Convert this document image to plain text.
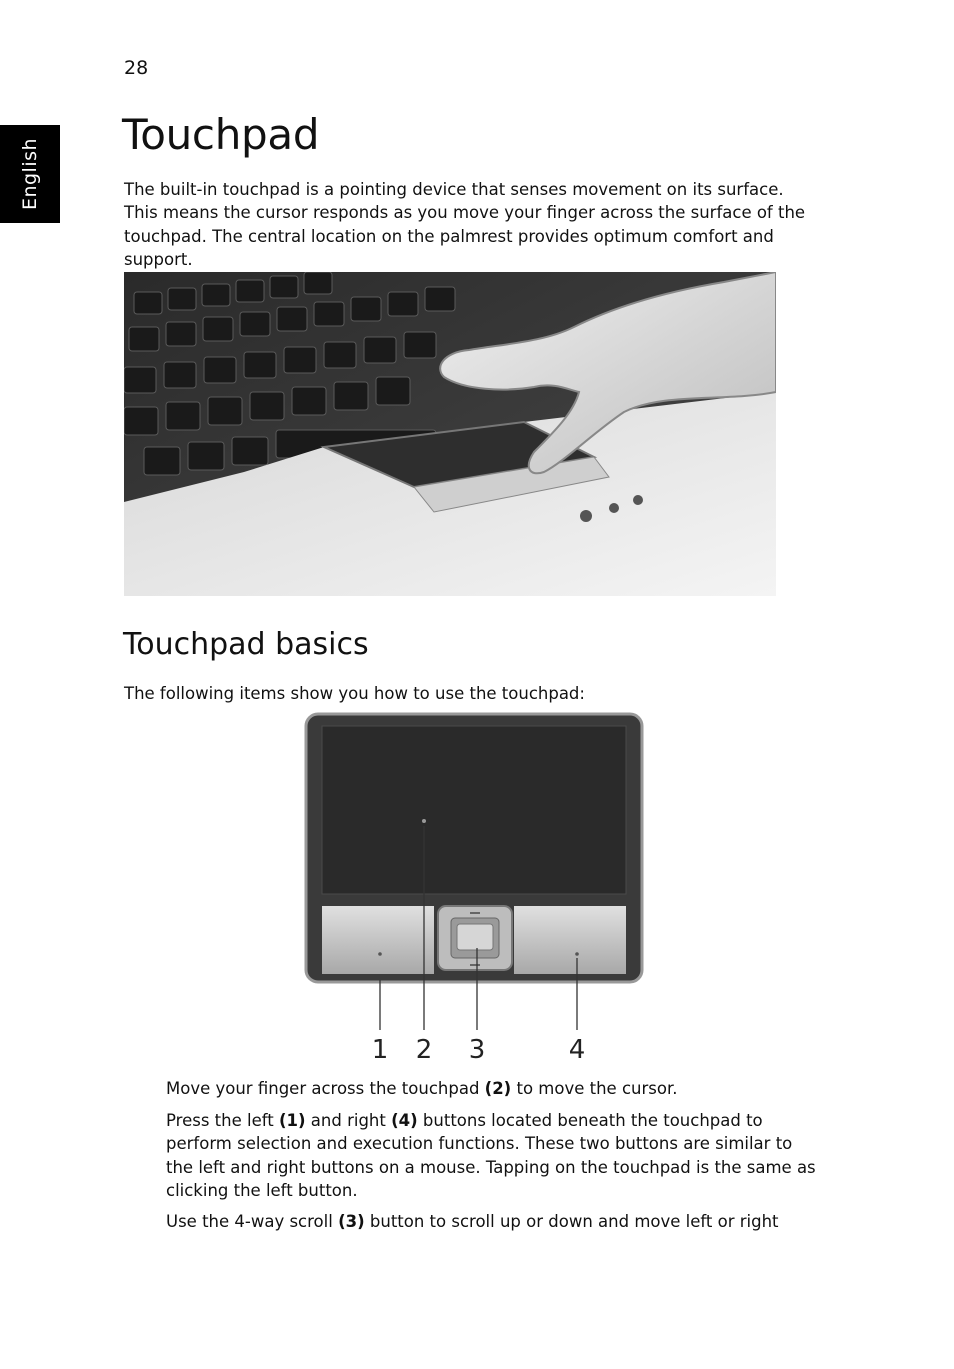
28
English
Touchpad

The built-in touchpad is a pointing device that senses movement on its surface. This means the cursor responds as you move your finger across the surface of the touchpad. The central location on the palmrest provides optimum comfort and support.

Touchpad basics

The following items show you how to use the touchpad:

1 2 3	4

Move your finger across the touchpad (2) to move the cursor.

Press the left (1) and right (4) buttons located beneath the touchpad to perform selection and execution functions. These two buttons are similar to the left and right buttons on a mouse. Tapping on the touchpad is the same as clicking the left button.

Use the 4-way scroll (3) button to scroll up or down and move left or right
